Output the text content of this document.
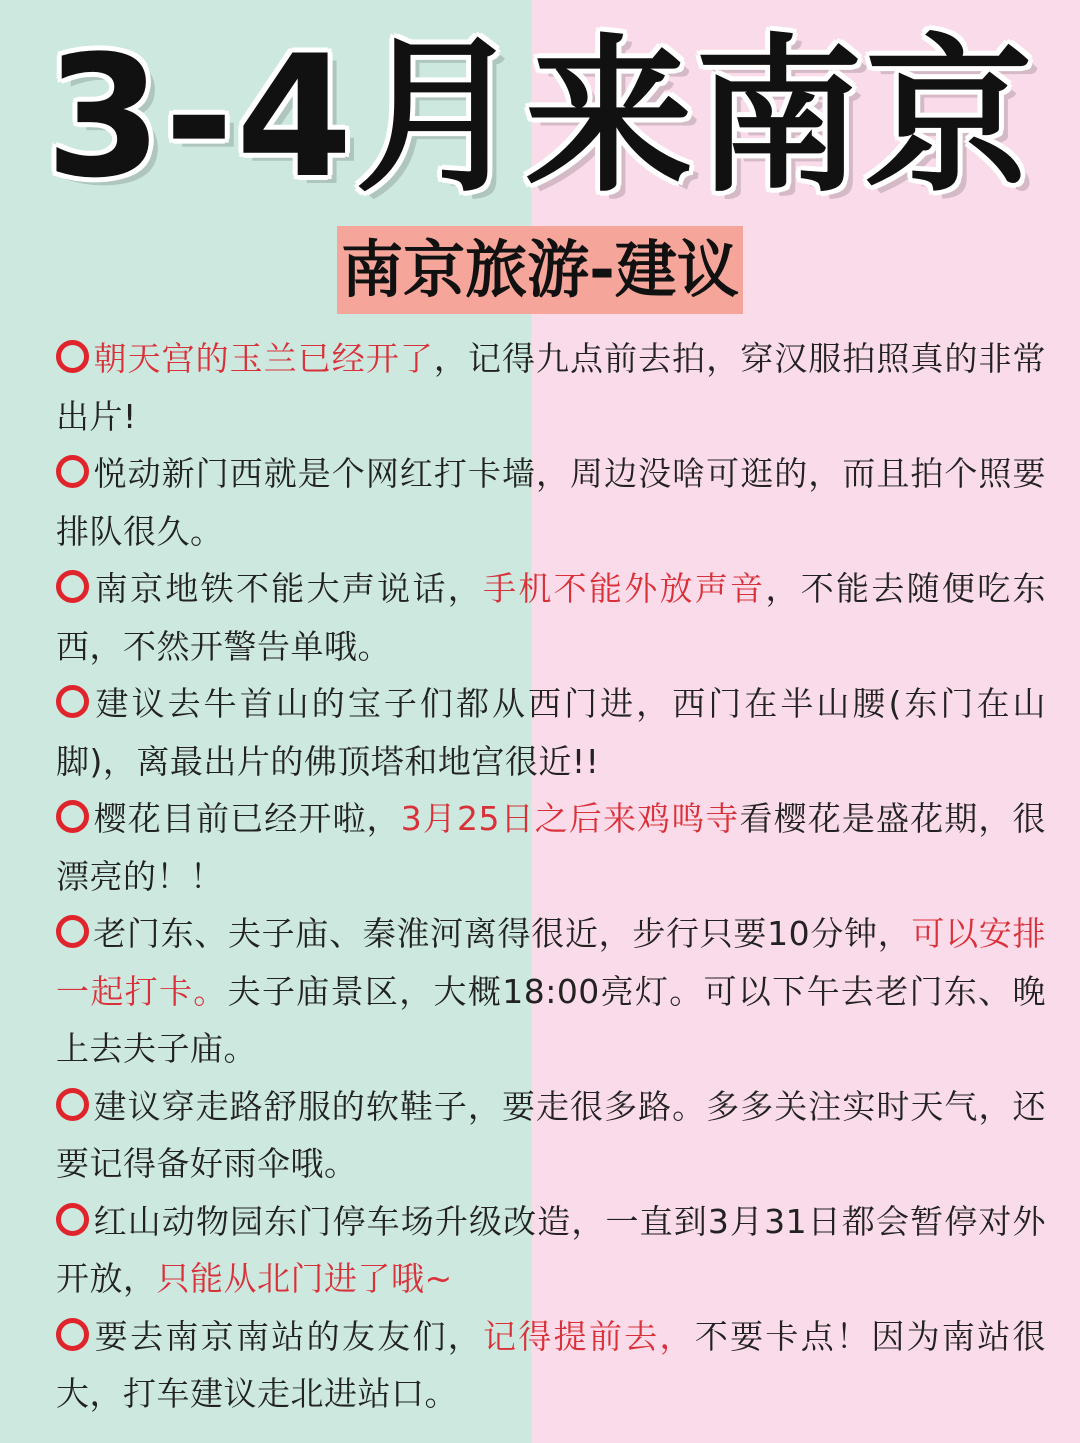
3-4月来南京
南京旅游-建议

朝天宫的玉兰已经开了，记得九点前去拍，穿汉服拍照真的非常出片!

悦动新门西就是个网红打卡墙，周边没啥可逛的，而且拍个照要排队很久。

南京地铁不能大声说话，手机不能外放声音，不能去随便吃东西，不然开警告单哦。

建议去牛首山的宝子们都从西门进，西门在半山腰(东门在山脚)，离最出片的佛顶塔和地宫很近!!

樱花目前已经开啦，3月25日之后来鸡鸣寺看樱花是盛花期，很漂亮的！！

老门东、夫子庙、秦淮河离得很近，步行只要10分钟，可以安排一起打卡。夫子庙景区，大概18:00亮灯。可以下午去老门东、晚上去夫子庙。

建议穿走路舒服的软鞋子，要走很多路。多多关注实时天气，还要记得备好雨伞哦。

红山动物园东门停车场升级改造，一直到3月31日都会暂停对外开放，只能从北门进了哦~

要去南京南站的友友们，记得提前去，不要卡点！因为南站很大，打车建议走北进站口。
